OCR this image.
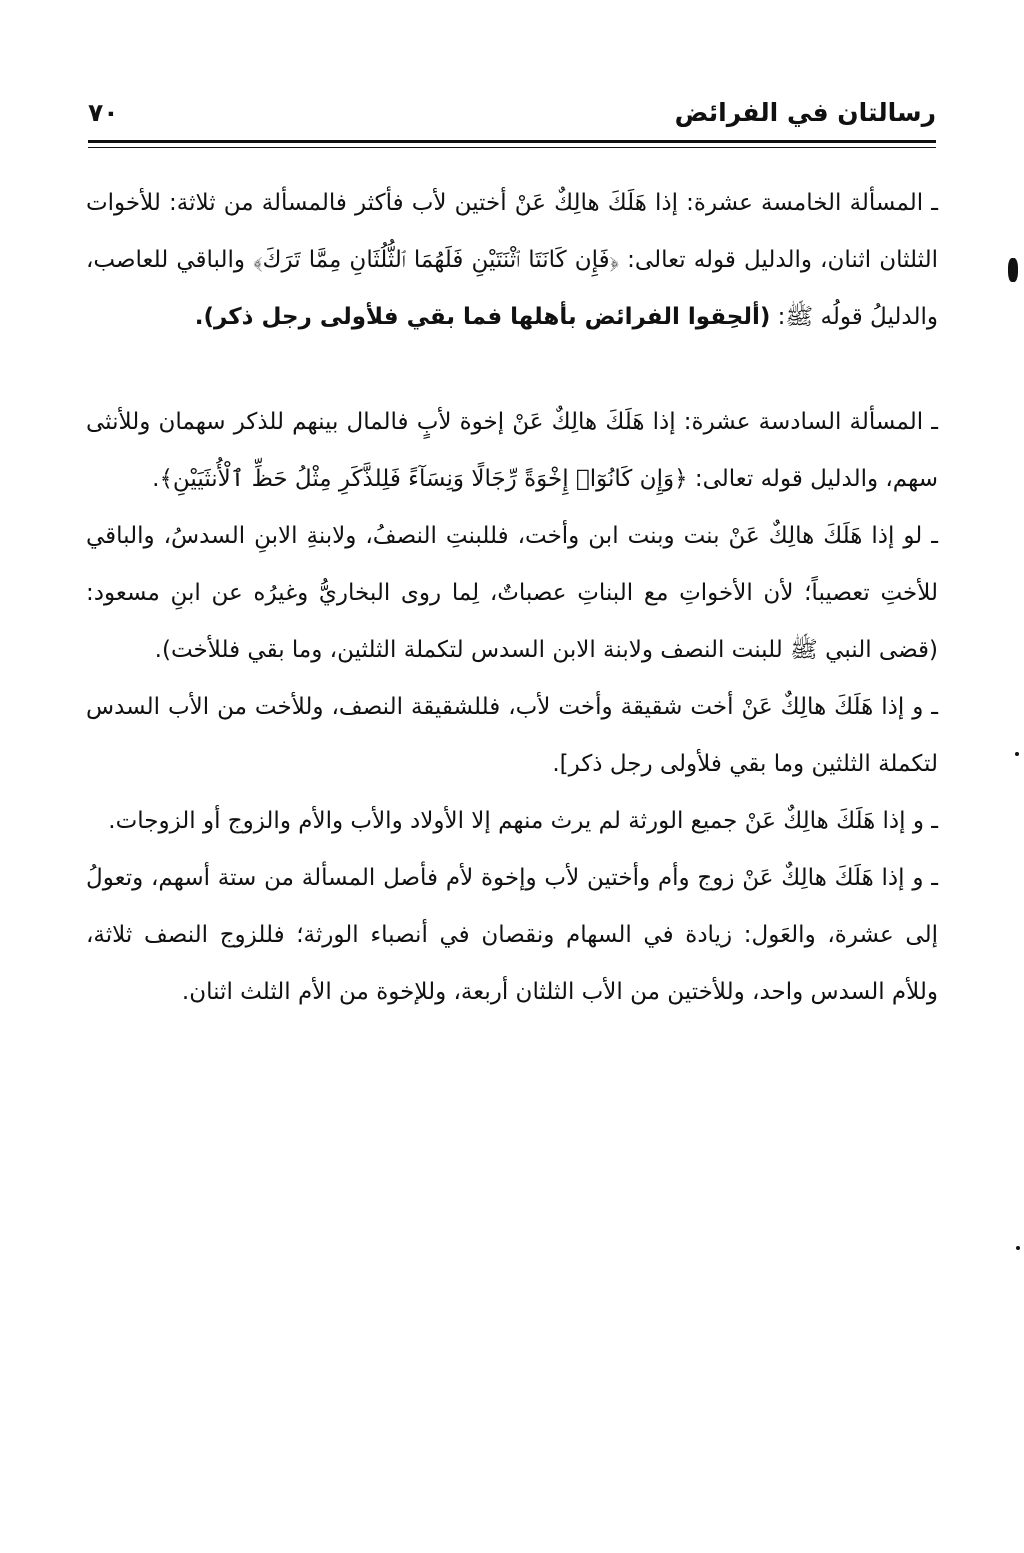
رسالتان في الفرائض
٧٠

ـ المسألة الخامسة عشرة: إذا هَلَكَ هالِكٌ عَنْ أختين لأب فأكثر فالمسألة من ثلاثة: للأخوات الثلثان اثنان، والدليل قوله تعالى: ﴿فَإِن كَانَتَا ٱثْنَتَيْنِ فَلَهُمَا ٱلثُّلُثَانِ مِمَّا تَرَكَ﴾ والباقي للعاصب، والدليلُ قولُه ﷺ: (ألحِقوا الفرائض بأهلها فما بقي فلأولى رجل ذكر).

ـ المسألة السادسة عشرة: إذا هَلَكَ هالِكٌ عَنْ إخوة لأبٍ فالمال بينهم للذكر سهمان وللأنثى سهم، والدليل قوله تعالى: ﴿وَإِن كَانُوٓا۟ إِخْوَةً رِّجَالًا وَنِسَآءً فَلِلذَّكَرِ مِثْلُ حَظِّ ٱلْأُنثَيَيْنِ﴾.

ـ لو إذا هَلَكَ هالِكٌ عَنْ بنت وبنت ابن وأخت، فللبنتِ النصفُ، ولابنةِ الابنِ السدسُ، والباقي للأختِ تعصيباً؛ لأن الأخواتِ مع البناتِ عصباتٌ، لِما روى البخاريُّ وغيرُه عن ابنِ مسعود: (قضى النبي ﷺ للبنت النصف ولابنة الابن السدس لتكملة الثلثين، وما بقي فللأخت).

ـ و إذا هَلَكَ هالِكٌ عَنْ أخت شقيقة وأخت لأب، فللشقيقة النصف، وللأخت من الأب السدس لتكملة الثلثين وما بقي فلأولى رجل ذكر].

ـ و إذا هَلَكَ هالِكٌ عَنْ جميع الورثة لم يرث منهم إلا الأولاد والأب والأم والزوج أو الزوجات.

ـ و إذا هَلَكَ هالِكٌ عَنْ زوج وأم وأختين لأب وإخوة لأم فأصل المسألة من ستة أسهم، وتعولُ إلى عشرة، والعَول: زيادة في السهام ونقصان في أنصباء الورثة؛ فللزوج النصف ثلاثة، وللأم السدس واحد، وللأختين من الأب الثلثان أربعة، وللإخوة من الأم الثلث اثنان.
